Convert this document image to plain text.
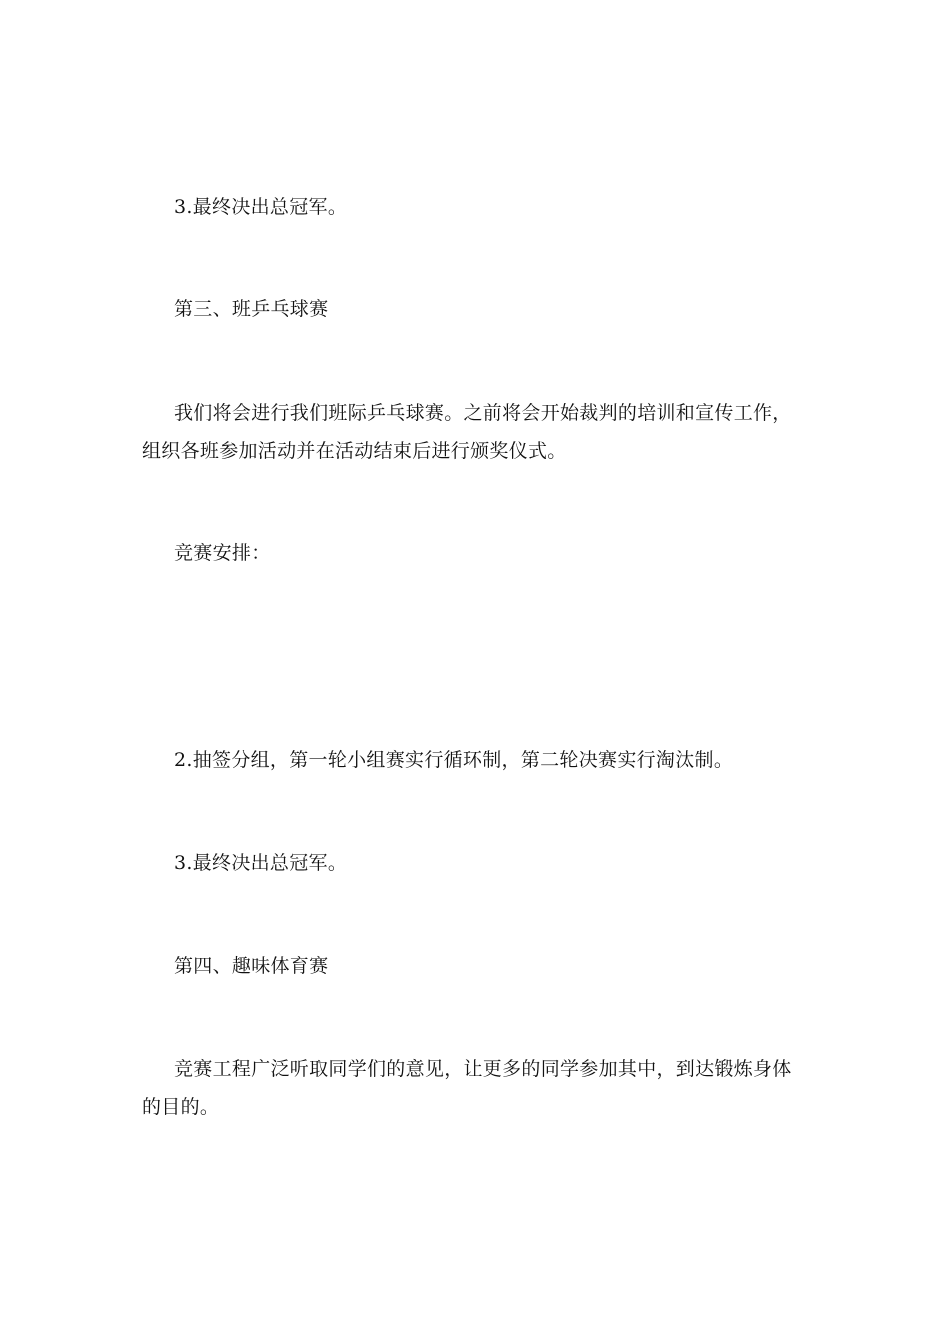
3.最终决出总冠军。

第三、班乒乓球赛

我们将会进行我们班际乒乓球赛。之前将会开始裁判的培训和宣传工作，组织各班参加活动并在活动结束后进行颁奖仪式。

竞赛安排：

2.抽签分组，第一轮小组赛实行循环制，第二轮决赛实行淘汰制。

3.最终决出总冠军。

第四、趣味体育赛

竞赛工程广泛听取同学们的意见，让更多的同学参加其中，到达锻炼身体的目的。
